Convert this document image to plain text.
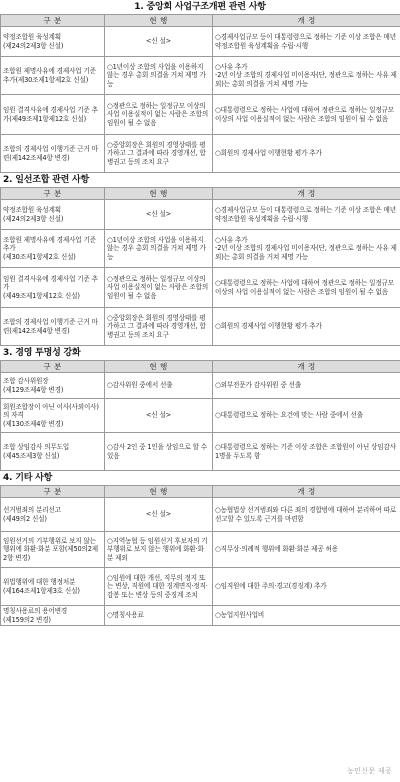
1. 중앙회 사업구조개편 관련 사항
구 분	현 행	개 정
약정조합원 육성계획
(제24의2제3항 신설)	<신 설>	○경제사업규모 등이 대통령령으로 정하는 기준 이상 조합은 매년 약정조합원 육성계획을 수립·시행
조합원 제명사유에 경제사업 기준 추가(제30조제1항제2호 신설)	○1년이상 조합의 사업을 이용하지 않는 경우 총회 의결을 거쳐 제명 가능	○사유 추가
-2년 이상 조합의 경제사업 미이용자(단, 정관으로 정하는 사유 제외)는 총회 의결을 거쳐 제명 가능
임원 결격사유에 경제사업 기준 추가(제49조제1항제12호 신설)	○정관으로 정하는 일정규모 이상의 사업 이용실적이 없는 사람은 조합의 임원이 될 수 없음	○대통령령으로 정하는 사업에 대하여 정관으로 정하는 일정규모 이상의 사업 이용실적이 없는 사람은 조합의 임원이 될 수 없음
조합의 경제사업 이행기준 근거 마련(제142조제4항 변경)	○중앙회장은 회원의 경영상태를 평가하고 그 결과에 따라 경영개선, 합병권고 등의 조치 요구	○회원의 경제사업 이행현황 평가 추가
2. 일선조합 관련 사항
구 분	현 행	개 정
약정조합원 육성계획
(제24의2제3항 신설)	<신 설>	○경제사업규모 등이 대통령령으로 정하는 기준 이상 조합은 매년 약정조합원 육성계획을 수립·시행
조합원 제명사유에 경제사업 기준 추가
(제30조제1항제2호 신설)	○1년이상 조합의 사업을 이용하지 않는 경우 총회 의결을 거쳐 제명 가능	○사유 추가
-2년 이상 조합의 경제사업 미이용자(단, 정관으로 정하는 사유 제외)는 총회 의결을 거쳐 제명 가능
임원 결격사유에 경제사업 기준 추가
(제49조제1항제12호 신설)	○정관으로 정하는 일정규모 이상의 사업 이용실적이 없는 사람은 조합의 임원이 될 수 없음	○대통령령으로 정하는 사업에 대하여 정관으로 정하는 일정규모 이상의 사업 이용실적이 없는 사람은 조합의 임원이 될 수 없음
조합의 경제사업 이행기준 근거 마련(제142조제4항 변경)	○중앙회장은 회원의 경영상태를 평가하고 그 결과에 따라 경영개선, 합병권고 등의 조치 요구	○회원의 경제사업 이행현황 평가 추가
3. 경영 투명성 강화
구 분	현 행	개 정
조합 감사위원장
(제129조제4항 변경)	○감사위원 중에서 선출	○외부전문가 감사위원 중 선출
회원조합장이 아닌 이사(사외이사)의 자격
(제130조제4항 변경)	<신 설>	○대통령령으로 정하는 요건에 맞는 사람 중에서 선출
조합 상임감사 의무도입
(제45조제3항 신설)	○감사 2인 중 1인을 상임으로 할 수 있음	○대통령령으로 정하는 기준 이상 조합은 조합원이 아닌 상임감사 1명을 두도록 함
4. 기타 사항
구 분	현 행	개 정
선거범죄의 분리선고
(제49의2 신설)	<신 설>	○농협법상 선거범죄와 다른 죄의 경합범에 대하여 분리하여 따로 선고할 수 있도록 근거를 마련함
임원선거의 기부행위로 보지 않는 행위에 화환·화분 포함(제50의2제2항 변경)	○지역농협 등 임원선거 후보자의 기부행위로 보지 않는 행위에 화환·화분 제외	○직무상·의례적 행위에 화환·화분 제공 허용
위법행위에 대한 행정처분
(제164조제1항제3호 신설)	○임원에 대한 개선, 직무의 정지 또는 변상, 직원에 대한 징계면직·정직·감봉 또는 변상 등의 중징계 조치	○임직원에 대한 주의·경고(경징계) 추가
명칭사용료의 용어변경
(제159의2 변경)	○명칭사용료	○농업지원사업비
농민신문 제공
